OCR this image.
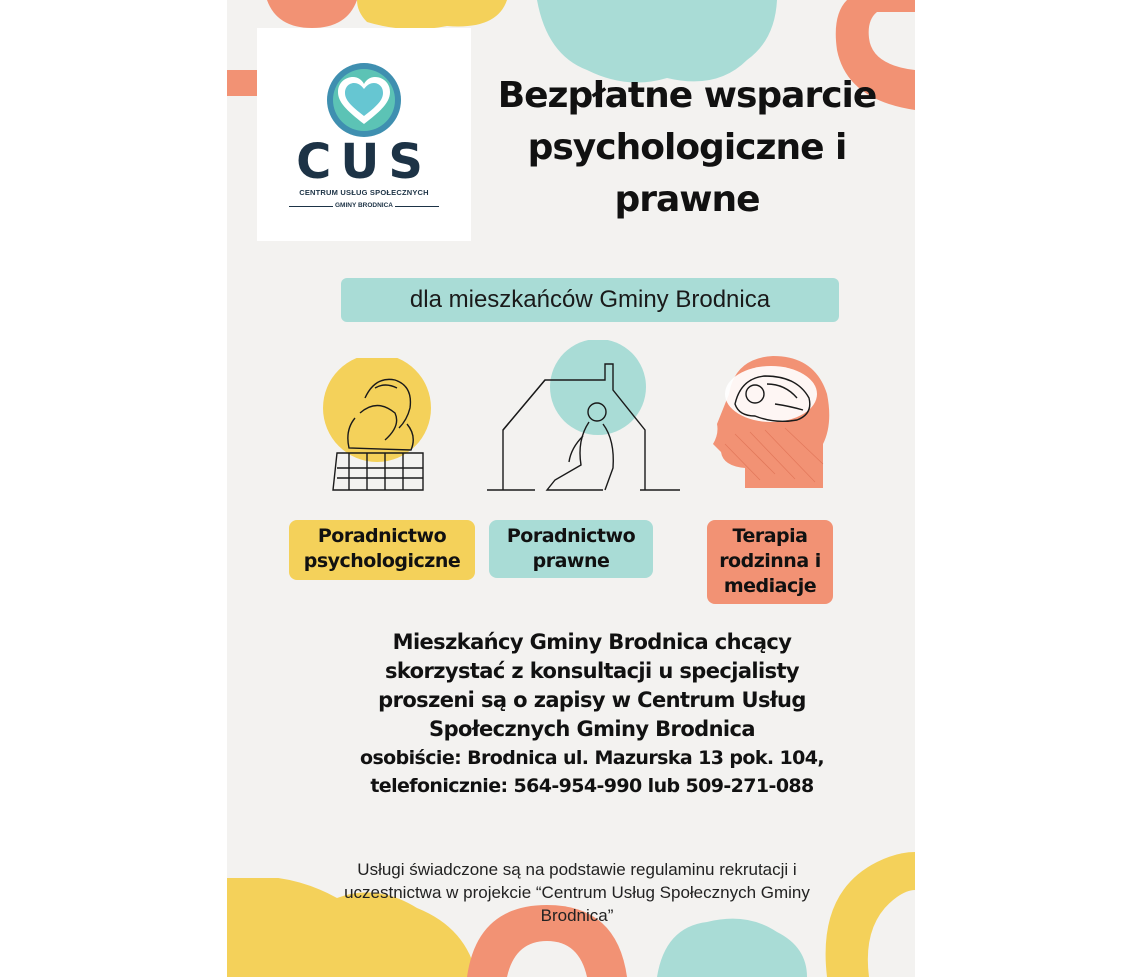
CUS
CENTRUM USŁUG SPOŁECZNYCH
GMINY BRODNICA
Bezpłatne wsparcie psychologiczne i prawne
dla mieszkańców Gminy Brodnica
Poradnictwo psychologiczne
Poradnictwo prawne
Terapia rodzinna i mediacje
Mieszkańcy Gminy Brodnica chcący
skorzystać z konsultacji u specjalisty
proszeni są o zapisy w Centrum Usług
Społecznych Gminy Brodnica
osobiście: Brodnica ul. Mazurska 13 pok. 104,
telefonicznie: 564-954-990 lub 509-271-088
Usługi świadczone są na podstawie regulaminu rekrutacji i uczestnictwa w projekcie “Centrum Usług Społecznych Gminy Brodnica”
